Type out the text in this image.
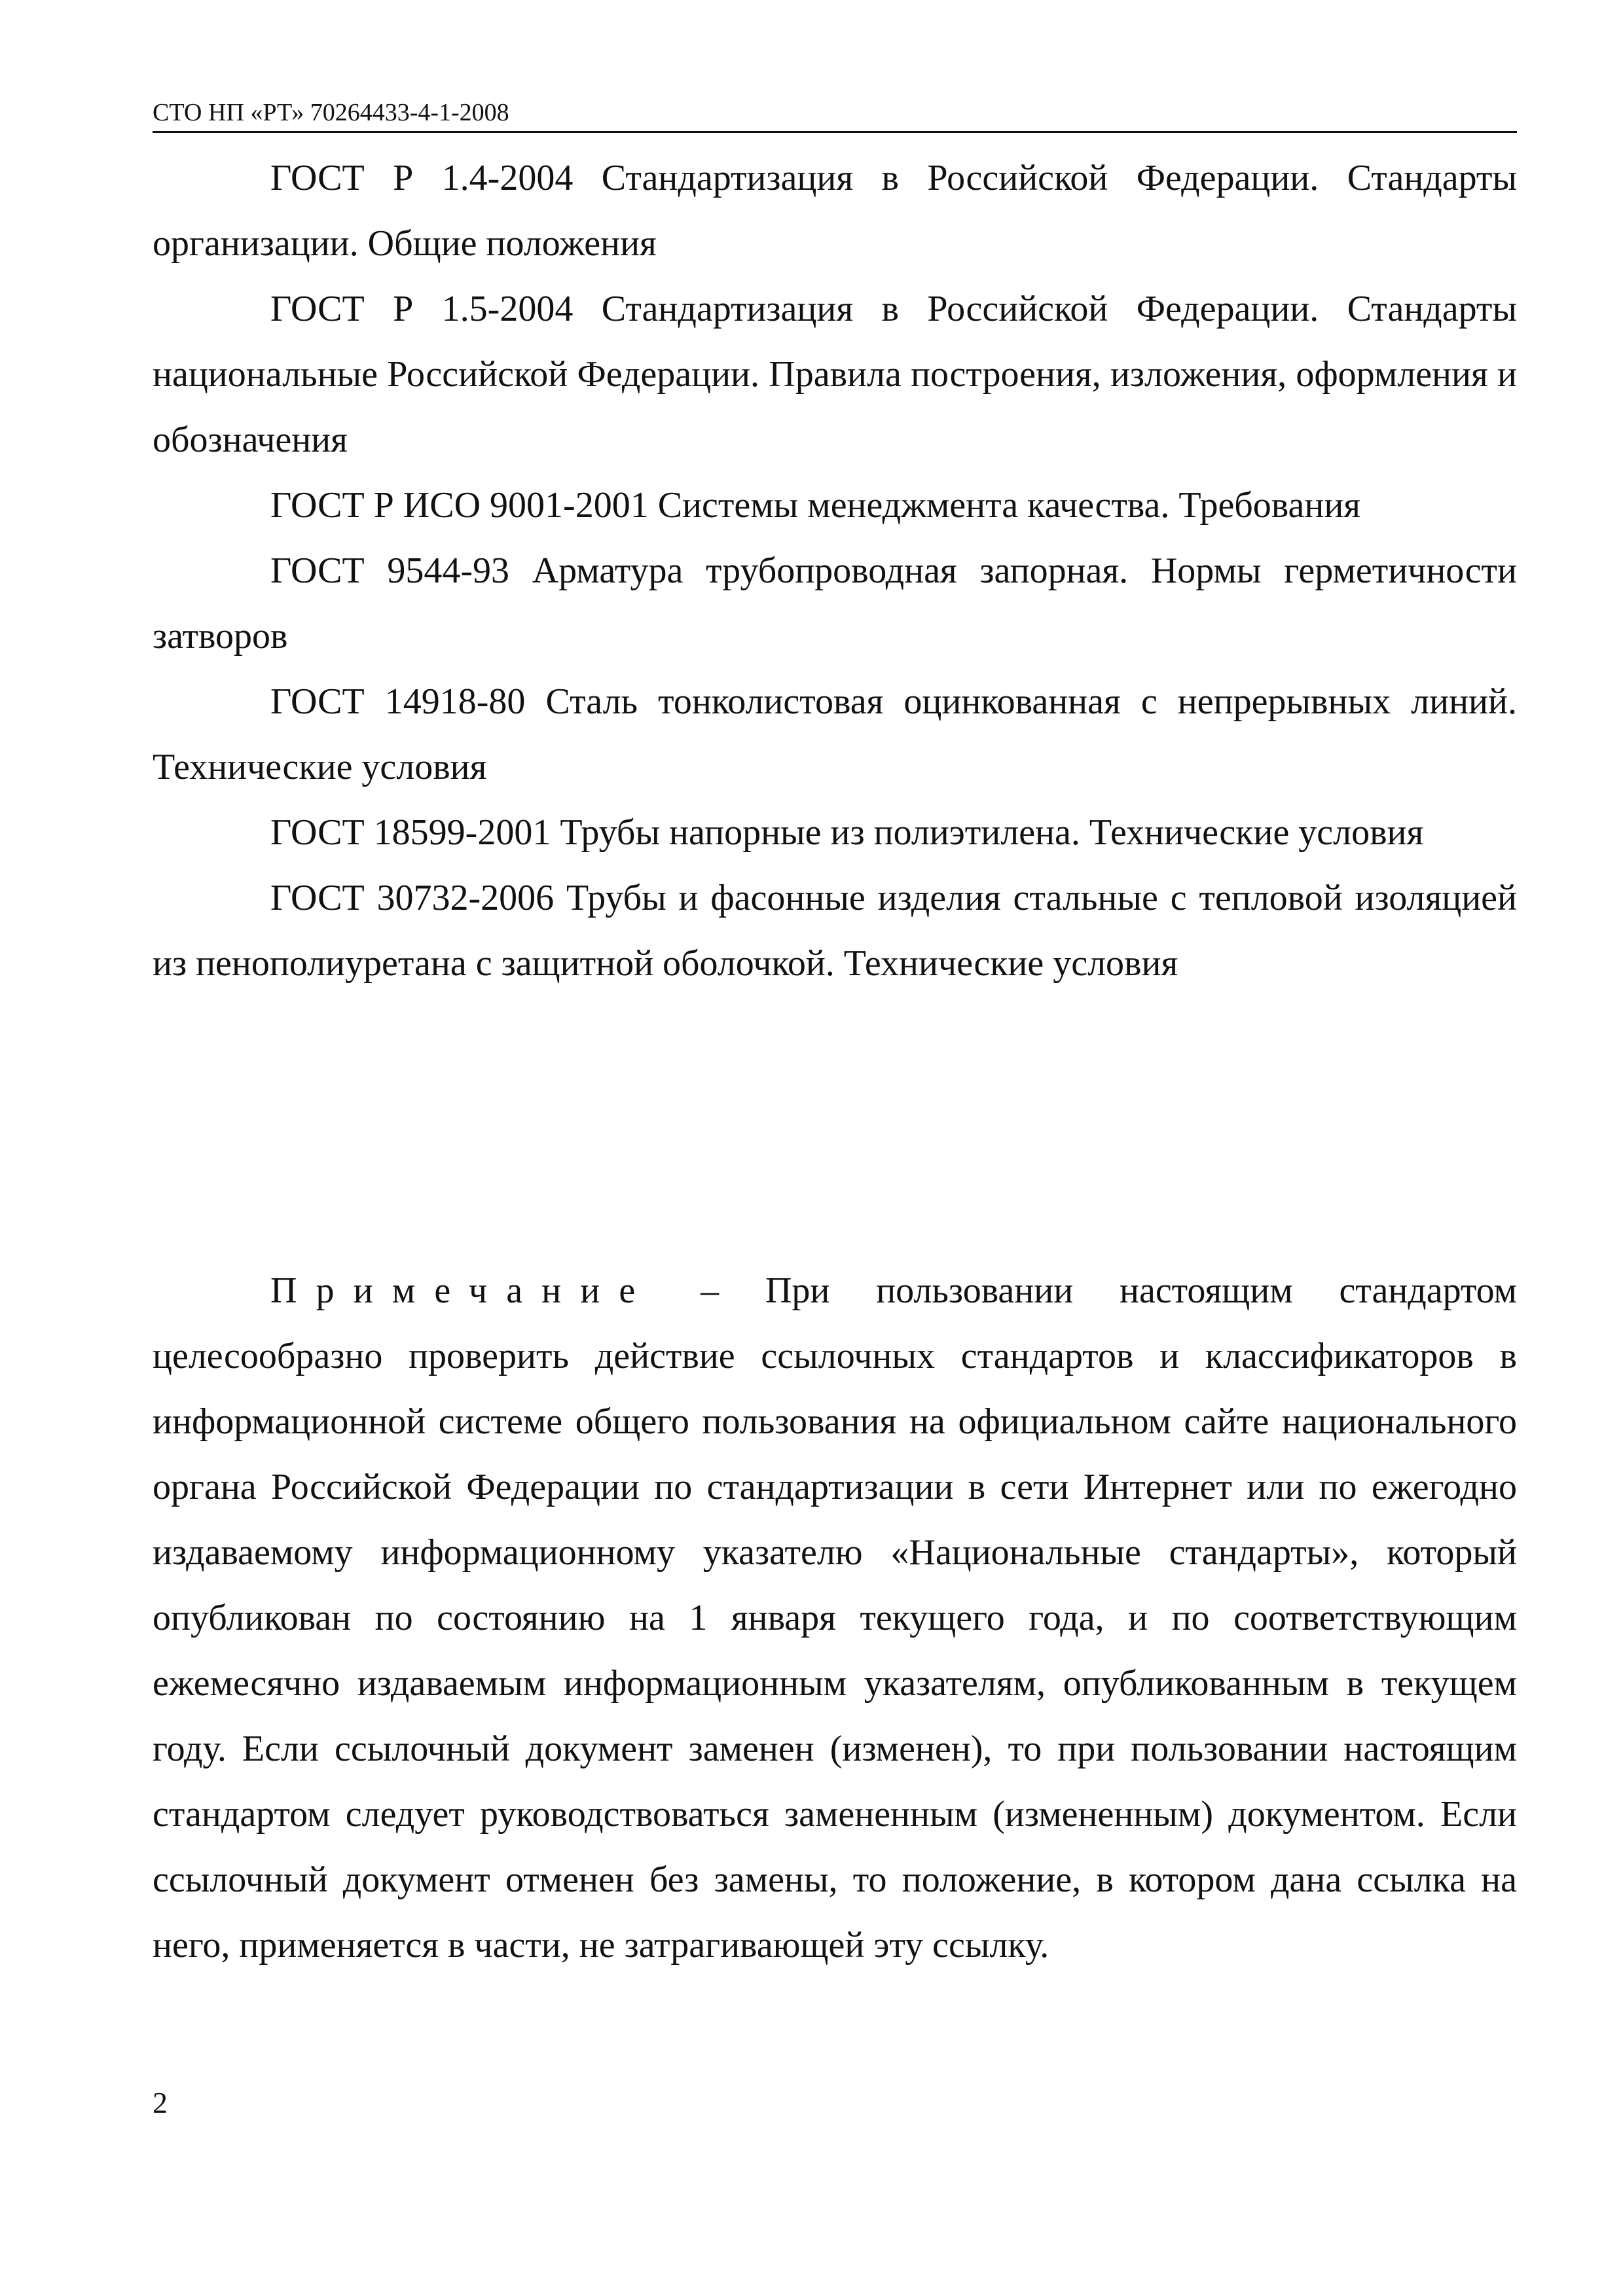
СТО НП «РТ» 70264433-4-1-2008

ГОСТ Р 1.4-2004 Стандартизация в Российской Федерации. Стандарты организации. Общие положения

ГОСТ Р 1.5-2004 Стандартизация в Российской Федерации. Стандарты национальные Российской Федерации. Правила построения, изложения, оформления и обозначения

ГОСТ Р ИСО 9001-2001 Системы менеджмента качества. Требования

ГОСТ 9544-93 Арматура трубопроводная запорная. Нормы герметичности затворов

ГОСТ 14918-80 Сталь тонколистовая оцинкованная с непрерывных линий. Технические условия

ГОСТ 18599-2001 Трубы напорные из полиэтилена. Технические условия

ГОСТ 30732-2006 Трубы и фасонные изделия стальные с тепловой изоляцией из пенополиуретана с защитной оболочкой. Технические условия

Примечание – При пользовании настоящим стандартом целесообразно проверить действие ссылочных стандартов и классификаторов в информационной системе общего пользования на официальном сайте национального органа Российской Федерации по стандартизации в сети Интернет или по ежегодно издаваемому информационному указателю «Национальные стандарты», который опубликован по состоянию на 1 января текущего года, и по соответствующим ежемесячно издаваемым информационным указателям, опубликованным в текущем году. Если ссылочный документ заменен (изменен), то при пользовании настоящим стандартом следует руководствоваться замененным (измененным) документом. Если ссылочный документ отменен без замены, то положение, в котором дана ссылка на него, применяется в части, не затрагивающей эту ссылку.

2
